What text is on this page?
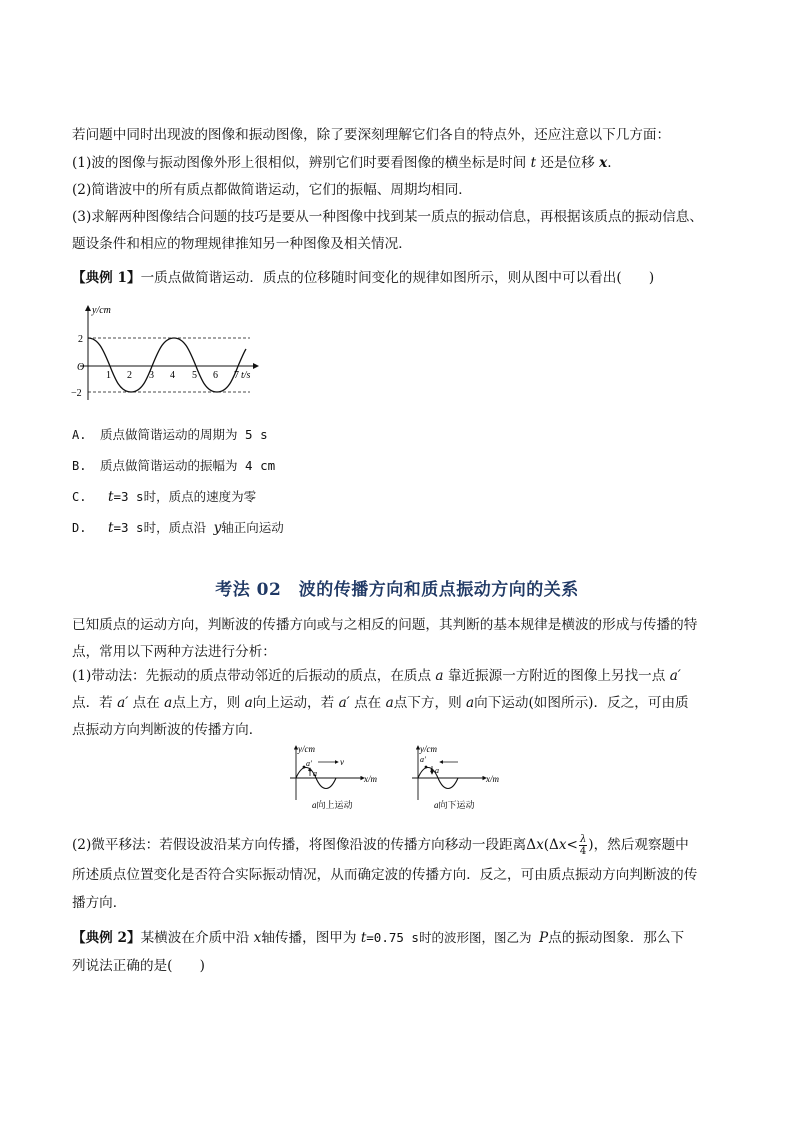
若问题中同时出现波的图像和振动图像，除了要深刻理解它们各自的特点外，还应注意以下几方面：
(1)波的图像与振动图像外形上很相似，辨别它们时要看图像的横坐标是时间 t 还是位移 x.
(2)简谐波中的所有质点都做简谐运动，它们的振幅、周期均相同．
(3)求解两种图像结合问题的技巧是要从一种图像中找到某一质点的振动信息，再根据该质点的振动信息、
题设条件和相应的物理规律推知另一种图像及相关情况．
【典例 1】一质点做简谐运动．质点的位移随时间变化的规律如图所示，则从图中可以看出(　　)
y/cm
O
2
−2
1 2 3 4 5 6 7 t/s
A. 质点做简谐运动的周期为 5 s
B. 质点做简谐运动的振幅为 4 cm
C. t=3 s时，质点的速度为零
D. t=3 s时，质点沿 y轴正向运动
考法 02　波的传播方向和质点振动方向的关系
已知质点的运动方向，判断波的传播方向或与之相反的问题，其判断的基本规律是横波的形成与传播的特点，常用以下两种方法进行分析：
(1)带动法：先振动的质点带动邻近的后振动的质点，在质点 a 靠近振源一方附近的图像上另找一点 a′
点．若 a′ 点在 a点上方，则 a向上运动，若 a′ 点在 a点下方，则 a向下运动(如图所示)．反之，可由质
点振动方向判断波的传播方向．
y/cm
x/m
a′
a
v
a向上运动
y/cm
x/m
a′
a
a向下运动
(2)微平移法：若假设波沿某方向传播，将图像沿波的传播方向移动一段距离$\Delta x(\Delta x< \frac{\lambda}{4}$ )，然后观察题中
所述质点位置变化是否符合实际振动情况，从而确定波的传播方向．反之，可由质点振动方向判断波的传
播方向．
【典例 2】某横波在介质中沿 x轴传播，图甲为 t=0.75 s时的波形图，图乙为 P点的振动图象．那么下
列说法正确的是(　　)
